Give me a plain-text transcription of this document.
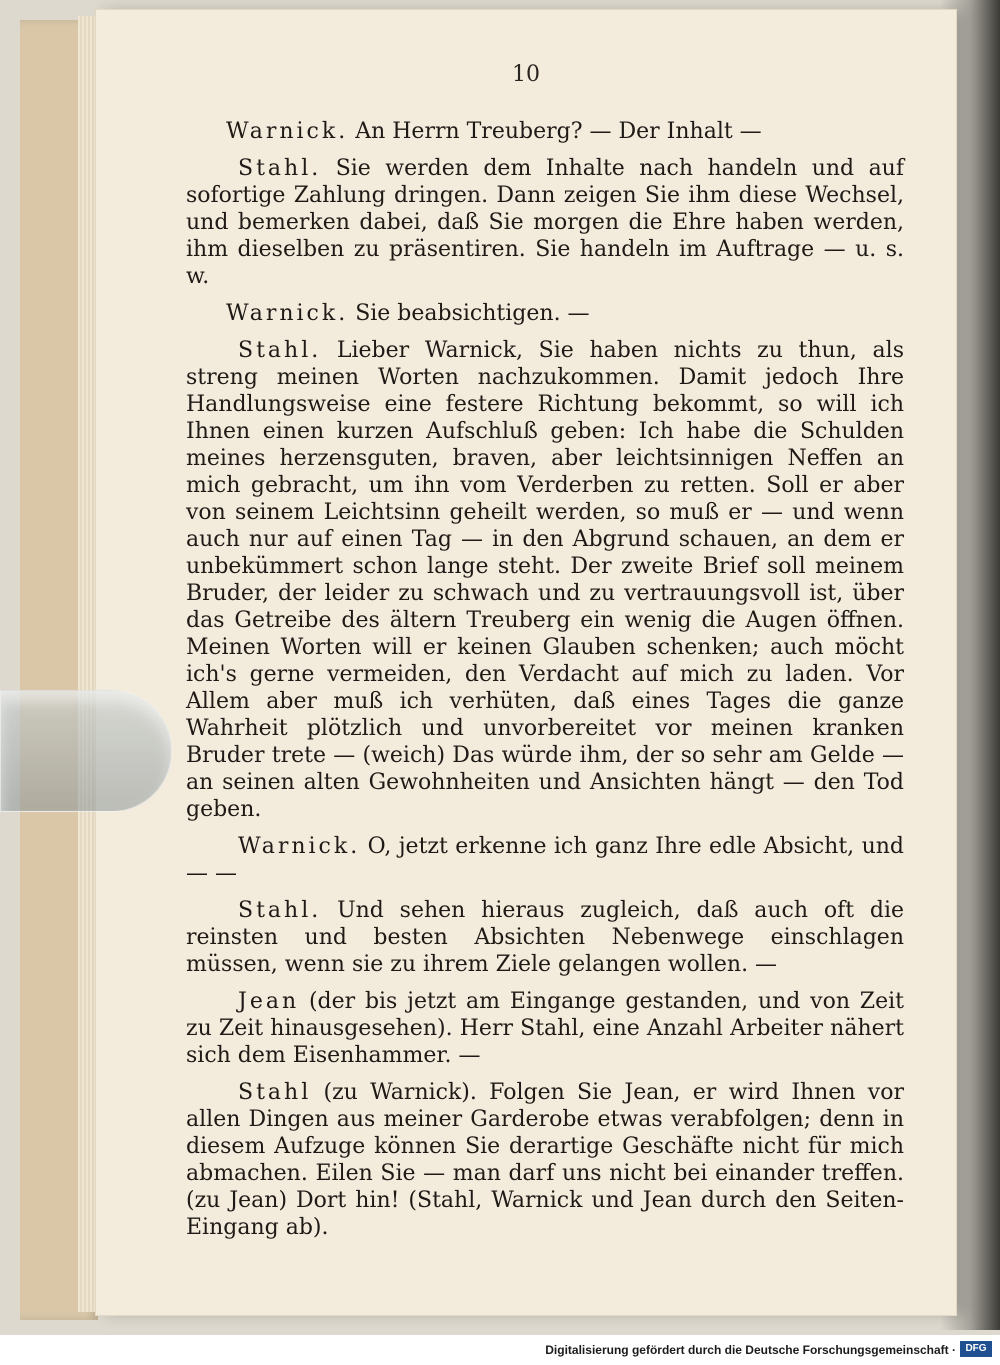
10

Warnick. An Herrn Treuberg? — Der Inhalt —

Stahl. Sie werden dem Inhalte nach handeln und auf sofortige Zahlung dringen. Dann zeigen Sie ihm diese Wechsel, und bemerken dabei, daß Sie morgen die Ehre haben werden, ihm dieselben zu präsentiren. Sie handeln im Auftrage — u. s. w.

Warnick. Sie beabsichtigen. —

Stahl. Lieber Warnick, Sie haben nichts zu thun, als streng meinen Worten nachzukommen. Damit jedoch Ihre Handlungsweise eine festere Richtung bekommt, so will ich Ihnen einen kurzen Aufschluß geben: Ich habe die Schulden meines herzensguten, braven, aber leichtsinnigen Neffen an mich gebracht, um ihn vom Verderben zu retten. Soll er aber von seinem Leichtsinn geheilt werden, so muß er — und wenn auch nur auf einen Tag — in den Abgrund schauen, an dem er unbekümmert schon lange steht. Der zweite Brief soll meinem Bruder, der leider zu schwach und zu vertrauungsvoll ist, über das Getreibe des ältern Treuberg ein wenig die Augen öffnen. Meinen Worten will er keinen Glauben schenken; auch möcht ich's gerne vermeiden, den Verdacht auf mich zu laden. Vor Allem aber muß ich verhüten, daß eines Tages die ganze Wahrheit plötzlich und unvorbereitet vor meinen kranken Bruder trete — (weich) Das würde ihm, der so sehr am Gelde — an seinen alten Gewohnheiten und Ansichten hängt — den Tod geben.

Warnick. O, jetzt erkenne ich ganz Ihre edle Absicht, und — —

Stahl. Und sehen hieraus zugleich, daß auch oft die reinsten und besten Absichten Nebenwege einschlagen müssen, wenn sie zu ihrem Ziele gelangen wollen. —

Jean (der bis jetzt am Eingange gestanden, und von Zeit zu Zeit hinausgesehen). Herr Stahl, eine Anzahl Arbeiter nähert sich dem Eisenhammer. —

Stahl (zu Warnick). Folgen Sie Jean, er wird Ihnen vor allen Dingen aus meiner Garderobe etwas verabfolgen; denn in diesem Aufzuge können Sie derartige Geschäfte nicht für mich abmachen. Eilen Sie — man darf uns nicht bei einander treffen. (zu Jean) Dort hin! (Stahl, Warnick und Jean durch den Seiten-Eingang ab).

Digitalisierung gefördert durch die Deutsche Forschungsgemeinschaft · DFG
